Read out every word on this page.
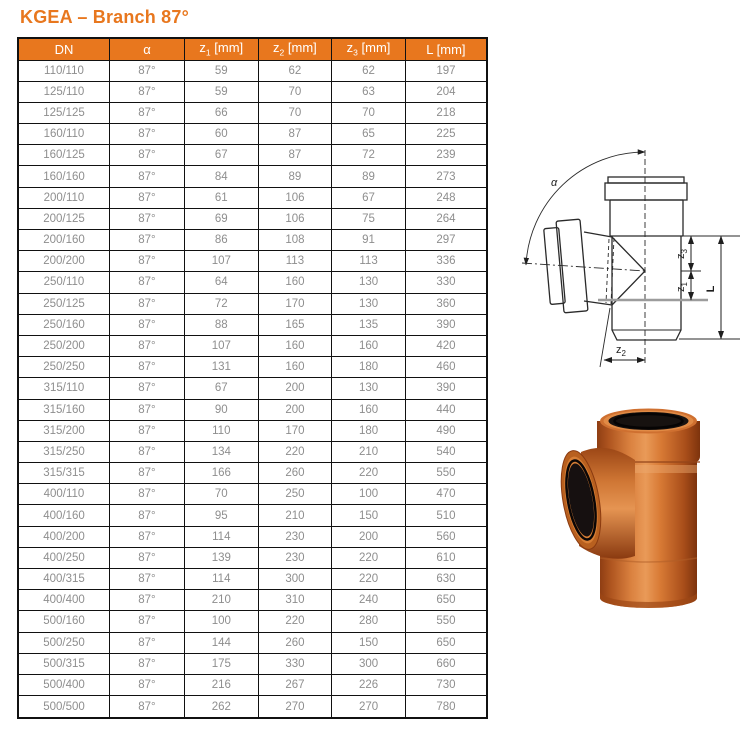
KGEA – Branch 87°
DN	α	$z_1$ [mm]	$z_2$ [mm]	$z_3$ [mm]	L [mm]
110/110	87°	59	62	62	197
125/110	87°	59	70	63	204
125/125	87°	66	70	70	218
160/110	87°	60	87	65	225
160/125	87°	67	87	72	239
160/160	87°	84	89	89	273
200/110	87°	61	106	67	248
200/125	87°	69	106	75	264
200/160	87°	86	108	91	297
200/200	87°	107	113	113	336
250/110	87°	64	160	130	330
250/125	87°	72	170	130	360
250/160	87°	88	165	135	390
250/200	87°	107	160	160	420
250/250	87°	131	160	180	460
315/110	87°	67	200	130	390
315/160	87°	90	200	160	440
315/200	87°	110	170	180	490
315/250	87°	134	220	210	540
315/315	87°	166	260	220	550
400/110	87°	70	250	100	470
400/160	87°	95	210	150	510
400/200	87°	114	230	200	560
400/250	87°	139	230	220	610
400/315	87°	114	300	220	630
400/400	87°	210	310	240	650
500/160	87°	100	220	280	550
500/250	87°	144	260	150	650
500/315	87°	175	330	300	660
500/400	87°	216	267	226	730
500/500	87°	262	270	270	780
α
$z_3$
$z_1$
L
$z_2$
